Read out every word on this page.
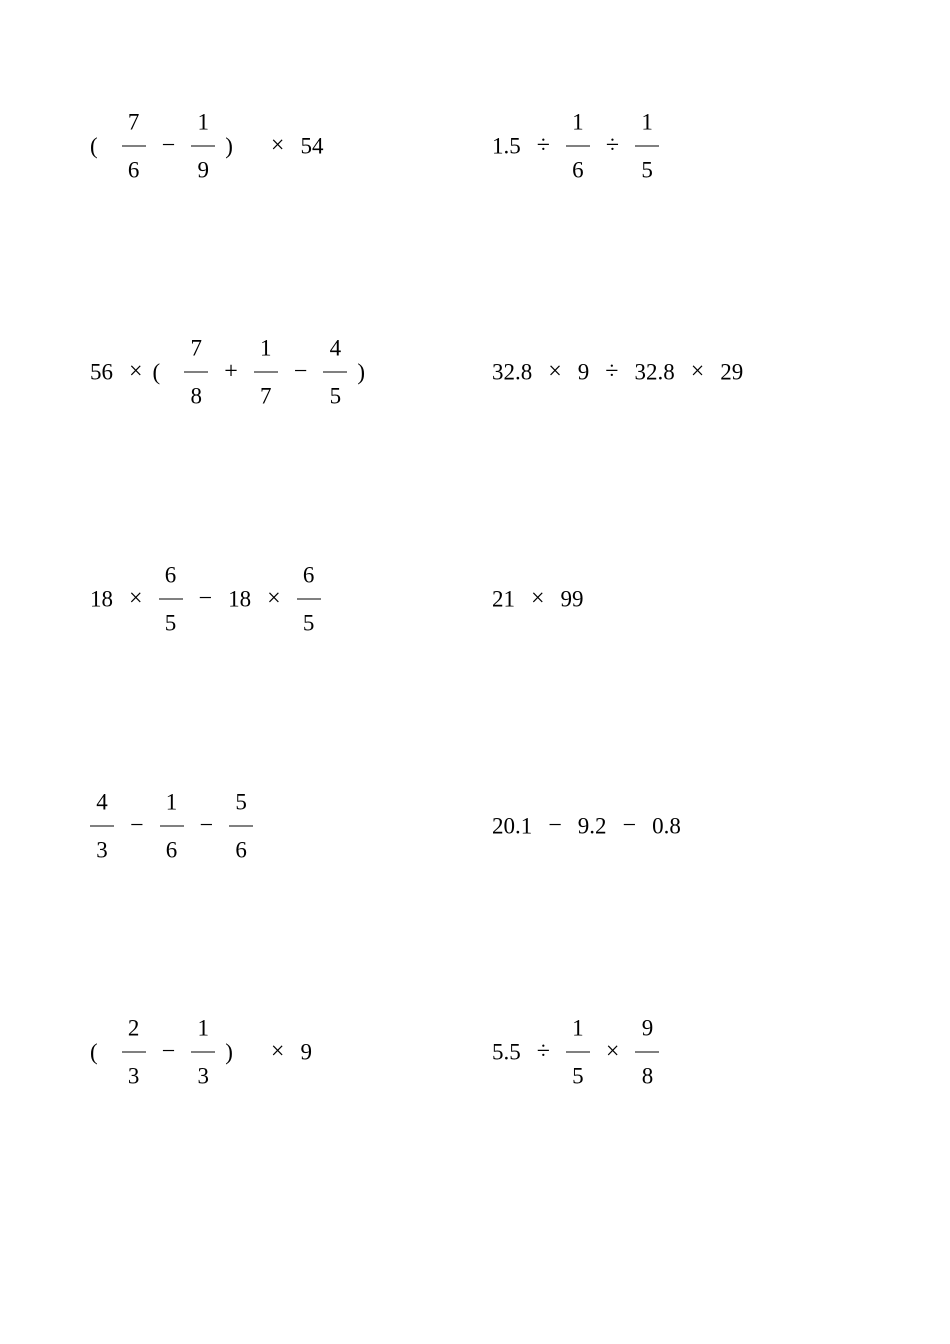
( $\frac{7}{6} - \frac{1}{9}$ ) × 54	$1.5 \div \frac{1}{6} \div \frac{1}{5}$
56 × ( $\frac{7}{8} + \frac{1}{7} - \frac{4}{5}$ )	32.8 × 9 ÷ 32.8 × 29
$18 \times \frac{6}{5} - 18 \times \frac{6}{5}$	21 × 99
$\frac{4}{3} - \frac{1}{6} - \frac{5}{6}$	20.1 − 9.2 − 0.8
( $\frac{2}{3} - \frac{1}{3}$ ) × 9	$5.5 \div \frac{1}{5} \times \frac{9}{8}$
